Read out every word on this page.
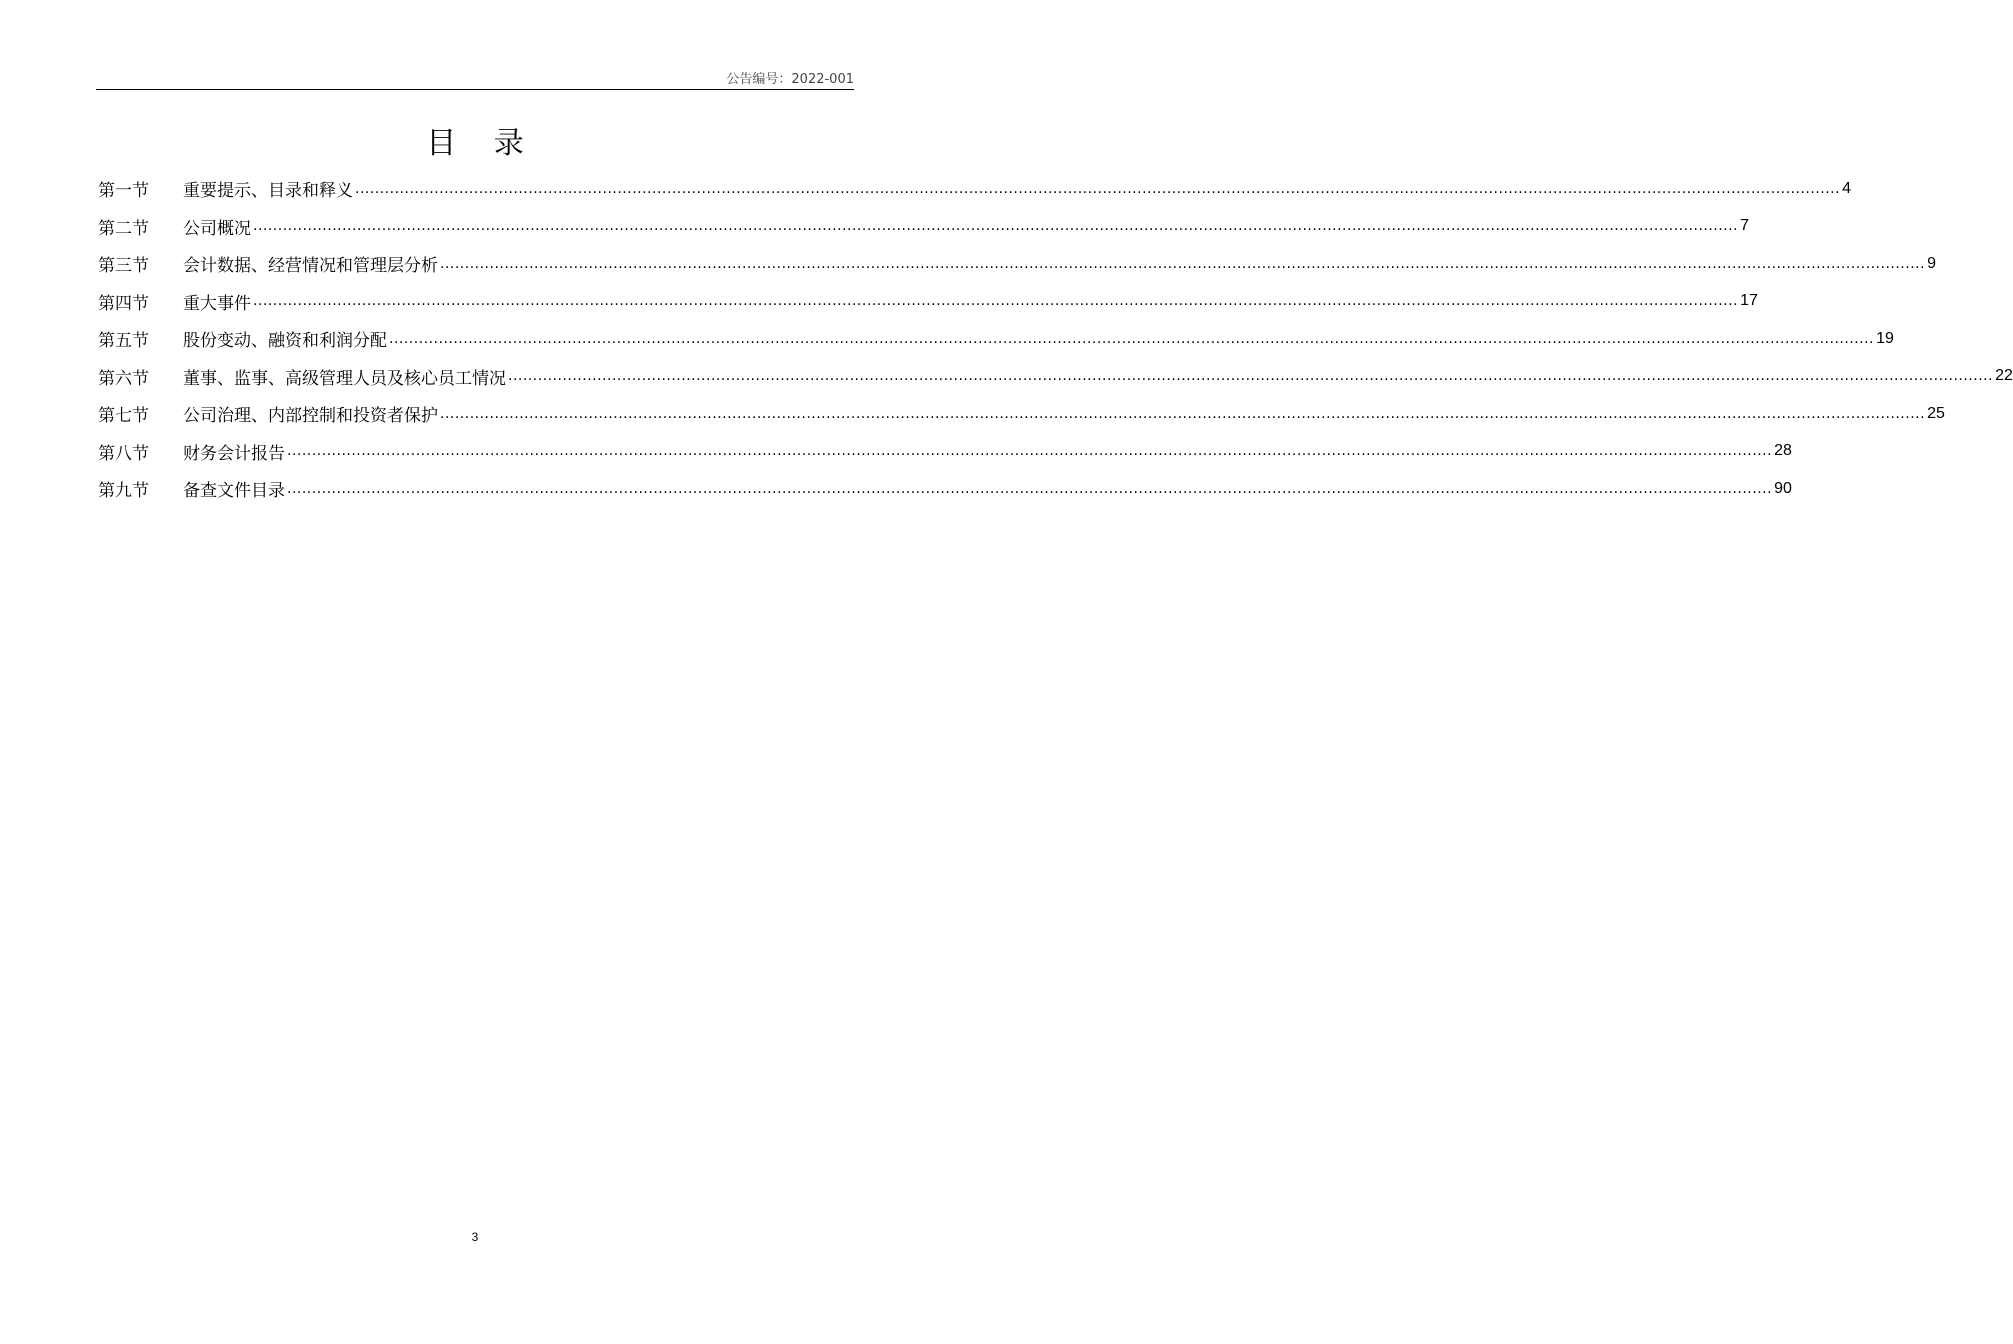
公告编号：2022-001
目 录
第一节	重要提示、目录和释义 ............................................................................................................................................................................................................................................................................................................ 4
第二节	公司概况 ............................................................................................................................................................................................................................................................................................................ 7
第三节	会计数据、经营情况和管理层分析 ............................................................................................................................................................................................................................................................................................................ 9
第四节	重大事件 ............................................................................................................................................................................................................................................................................................................ 17
第五节	股份变动、融资和利润分配 ............................................................................................................................................................................................................................................................................................................ 19
第六节	董事、监事、高级管理人员及核心员工情况 ............................................................................................................................................................................................................................................................................................................ 22
第七节	公司治理、内部控制和投资者保护 ............................................................................................................................................................................................................................................................................................................ 25
第八节	财务会计报告 ............................................................................................................................................................................................................................................................................................................ 28
第九节	备查文件目录 ............................................................................................................................................................................................................................................................................................................ 90
3
